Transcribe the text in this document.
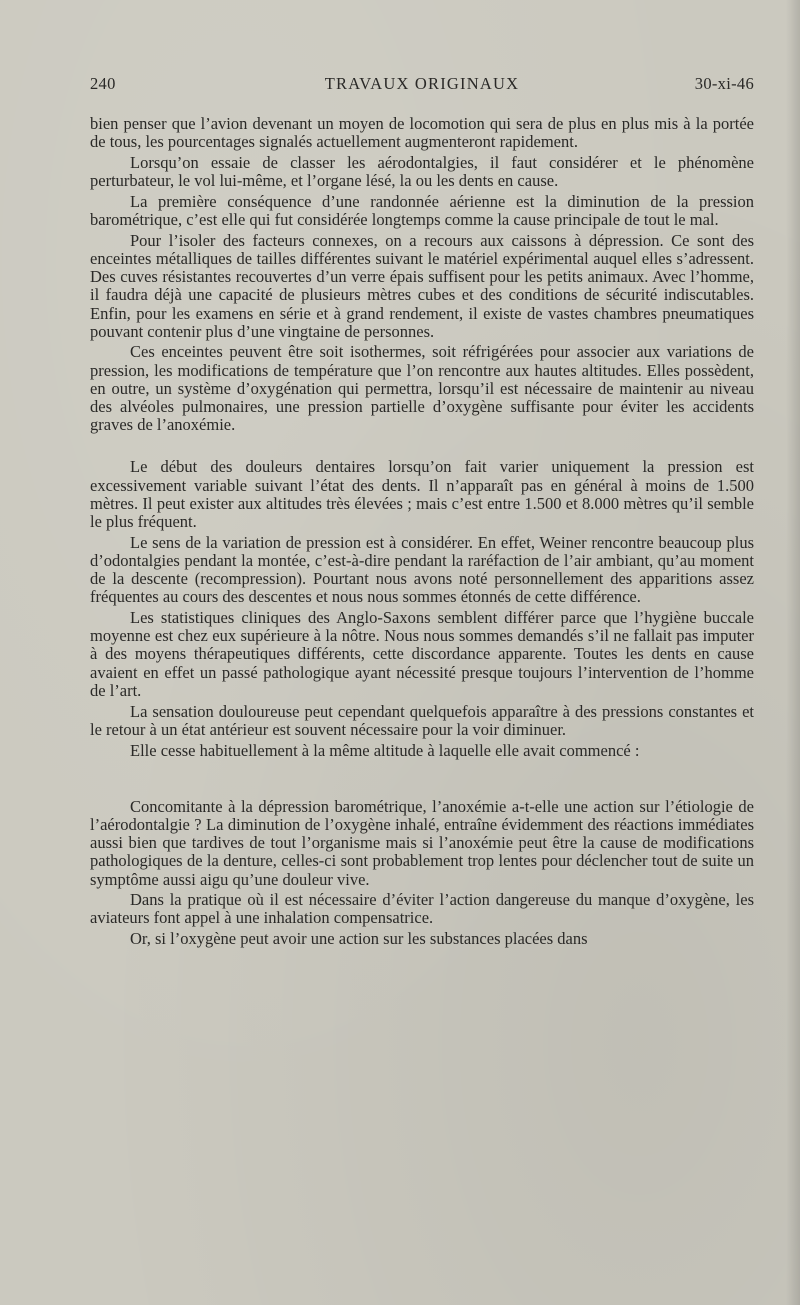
240	TRAVAUX ORIGINAUX	30-xi-46

bien penser que l’avion devenant un moyen de locomotion qui sera de plus en plus mis à la portée de tous, les pourcentages signalés actuellement augmenteront rapidement.

Lorsqu’on essaie de classer les aérodontalgies, il faut considérer et le phénomène perturbateur, le vol lui-même, et l’organe lésé, la ou les dents en cause.

La première conséquence d’une randonnée aérienne est la diminution de la pression barométrique, c’est elle qui fut considérée longtemps comme la cause principale de tout le mal.

Pour l’isoler des facteurs connexes, on a recours aux caissons à dépression. Ce sont des enceintes métalliques de tailles différentes suivant le matériel expérimental auquel elles s’adressent. Des cuves résistantes recouvertes d’un verre épais suffisent pour les petits animaux. Avec l’homme, il faudra déjà une capacité de plusieurs mètres cubes et des conditions de sécurité indiscutables. Enfin, pour les examens en série et à grand rendement, il existe de vastes chambres pneumatiques pouvant contenir plus d’une vingtaine de personnes.

Ces enceintes peuvent être soit isothermes, soit réfrigérées pour associer aux variations de pression, les modifications de température que l’on rencontre aux hautes altitudes. Elles possèdent, en outre, un système d’oxygénation qui permettra, lorsqu’il est nécessaire de maintenir au niveau des alvéoles pulmonaires, une pression partielle d’oxygène suffisante pour éviter les accidents graves de l’anoxémie.

Le début des douleurs dentaires lorsqu’on fait varier uniquement la pression est excessivement variable suivant l’état des dents. Il n’apparaît pas en général à moins de 1.500 mètres. Il peut exister aux altitudes très élevées ; mais c’est entre 1.500 et 8.000 mètres qu’il semble le plus fréquent.

Le sens de la variation de pression est à considérer. En effet, Weiner rencontre beaucoup plus d’odontalgies pendant la montée, c’est-à-dire pendant la raréfaction de l’air ambiant, qu’au moment de la descente (recompression). Pourtant nous avons noté personnellement des apparitions assez fréquentes au cours des descentes et nous nous sommes étonnés de cette différence.

Les statistiques cliniques des Anglo-Saxons semblent différer parce que l’hygiène buccale moyenne est chez eux supérieure à la nôtre. Nous nous sommes demandés s’il ne fallait pas imputer à des moyens thérapeutiques différents, cette discordance apparente. Toutes les dents en cause avaient en effet un passé pathologique ayant nécessité presque toujours l’intervention de l’homme de l’art.

La sensation douloureuse peut cependant quelquefois apparaître à des pressions constantes et le retour à un état antérieur est souvent nécessaire pour la voir diminuer.

Elle cesse habituellement à la même altitude à laquelle elle avait commencé :

Concomitante à la dépression barométrique, l’anoxémie a-t-elle une action sur l’étiologie de l’aérodontalgie ? La diminution de l’oxygène inhalé, entraîne évidemment des réactions immédiates aussi bien que tardives de tout l’organisme mais si l’anoxémie peut être la cause de modifications pathologiques de la denture, celles-ci sont probablement trop lentes pour déclencher tout de suite un symptôme aussi aigu qu’une douleur vive.

Dans la pratique où il est nécessaire d’éviter l’action dangereuse du manque d’oxygène, les aviateurs font appel à une inhalation compensatrice.

Or, si l’oxygène peut avoir une action sur les substances placées dans
